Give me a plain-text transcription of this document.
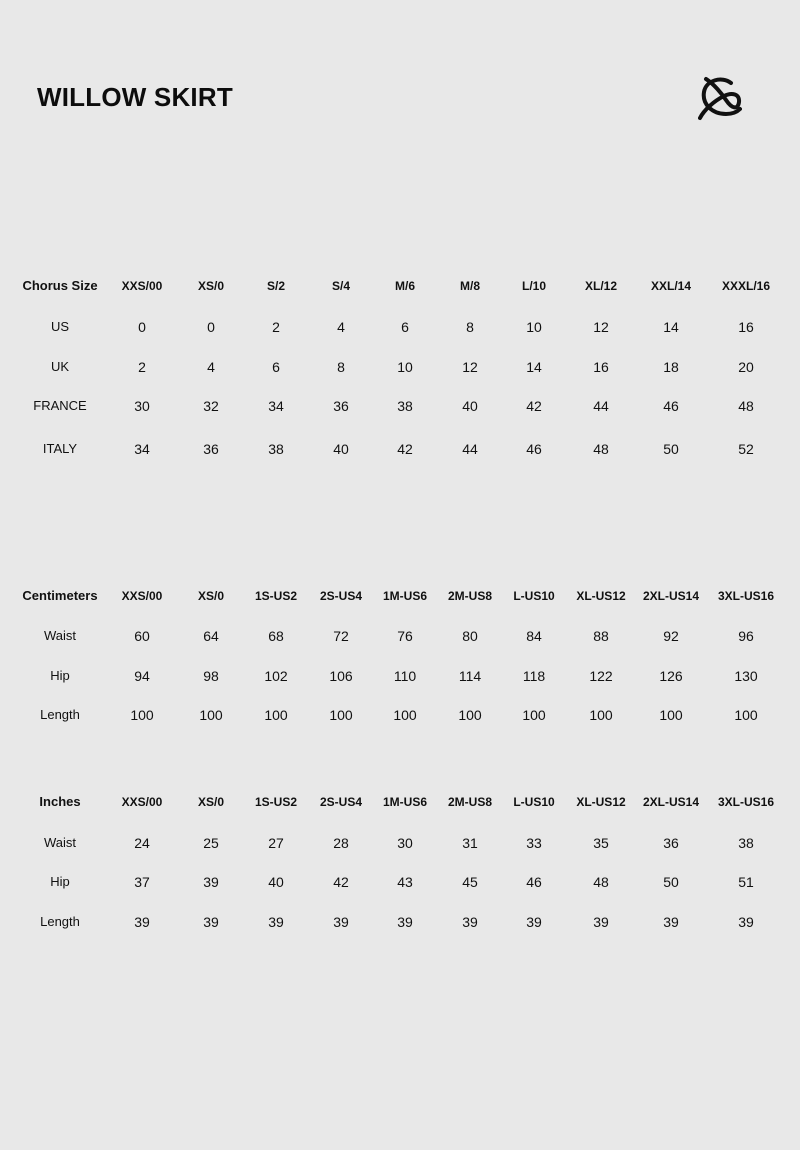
WILLOW SKIRT
Chorus Size	XXS/00	XS/0	S/2	S/4	M/6	M/8	L/10	XL/12	XXL/14	XXXL/16
US	0	0	2	4	6	8	10	12	14	16
UK	2	4	6	8	10	12	14	16	18	20
FRANCE	30	32	34	36	38	40	42	44	46	48
ITALY	34	36	38	40	42	44	46	48	50	52
Centimeters	XXS/00	XS/0	1S-US2	2S-US4	1M-US6	2M-US8	L-US10	XL-US12	2XL-US14	3XL-US16
Waist	60	64	68	72	76	80	84	88	92	96
Hip	94	98	102	106	110	114	118	122	126	130
Length	100	100	100	100	100	100	100	100	100	100
Inches	XXS/00	XS/0	1S-US2	2S-US4	1M-US6	2M-US8	L-US10	XL-US12	2XL-US14	3XL-US16
Waist	24	25	27	28	30	31	33	35	36	38
Hip	37	39	40	42	43	45	46	48	50	51
Length	39	39	39	39	39	39	39	39	39	39
